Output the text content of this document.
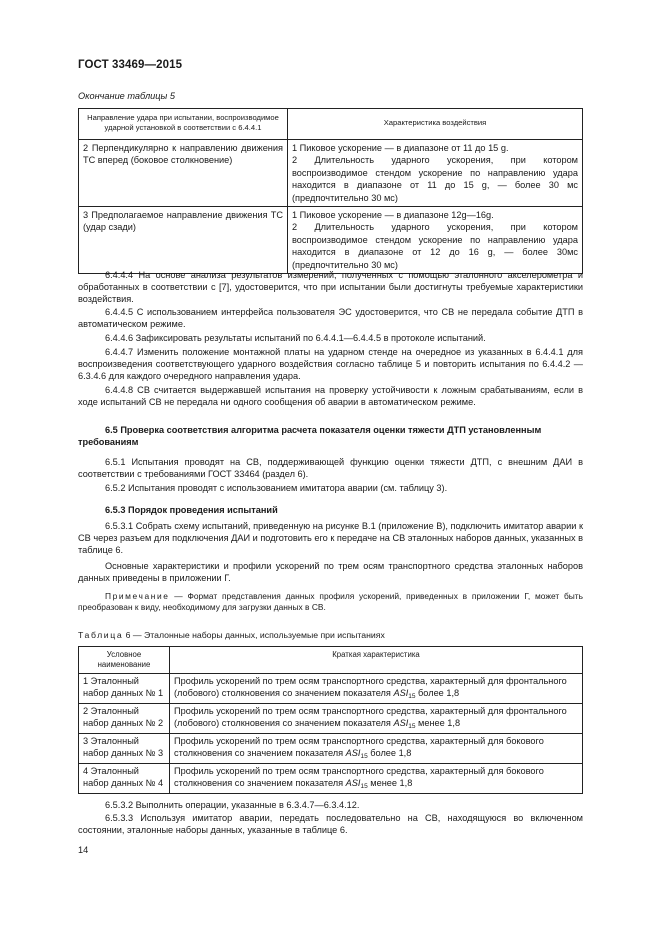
ГОСТ 33469—2015
Окончание таблицы 5
Направление удара при испытании, воспроизводимое ударной установкой в соответствии с 6.4.4.1	Характеристика воздействия

2 Перпендикулярно к направлению движения ТС вперед (боковое столкновение)	1 Пиковое ускорение — в диапазоне от 11 до 15 g.

2 Длительность ударного ускорения, при котором воспроизводимое стендом ускорение по направлению удара находится в диапазоне от 11 до 15 g, — более 30 мс (предпочтительно 30 мс)

3 Предполагаемое направление движения ТС (удар сзади)	1 Пиковое ускорение — в диапазоне 12g—16g.

2 Длительность ударного ускорения, при котором воспроизводимое стендом ускорение по направлению удара находится в диапазоне от 12 до 16 g, — более 30мс (предпочтительно 30 мс)

6.4.4.4 На основе анализа результатов измерений, полученных с помощью эталонного акселерометра и обработанных в соответствии с [7], удостоверится, что при испытании были достигнуты требуемые характеристики воздействия.
6.4.4.5 С использованием интерфейса пользователя ЭС удостоверится, что СВ не передала событие ДТП в автоматическом режиме.
6.4.4.6 Зафиксировать результаты испытаний по 6.4.4.1—6.4.4.5 в протоколе испытаний.
6.4.4.7 Изменить положение монтажной платы на ударном стенде на очередное из указанных в 6.4.4.1 для воспроизведения соответствующего ударного воздействия согласно таблице 5 и повторить испытания по 6.4.4.2 — 6.3.4.6 для каждого очередного направления удара.
6.4.4.8 СВ считается выдержавшей испытания на проверку устойчивости к ложным срабатываниям, если в ходе испытаний СВ не передала ни одного сообщения об аварии в автоматическом режиме.
6.5 Проверка соответствия алгоритма расчета показателя оценки тяжести ДТП установленным требованиям
6.5.1 Испытания проводят на СВ, поддерживающей функцию оценки тяжести ДТП, с внешним ДАИ в соответствии с требованиями ГОСТ 33464 (раздел 6).
6.5.2 Испытания проводят с использованием имитатора аварии (см. таблицу 3).
6.5.3 Порядок проведения испытаний
6.5.3.1 Собрать схему испытаний, приведенную на рисунке В.1 (приложение В), подключить имитатор аварии к СВ через разъем для подключения ДАИ и подготовить его к передаче на СВ эталонных наборов данных, указанных в таблице 6.
Основные характеристики и профили ускорений по трем осям транспортного средства эталонных наборов данных приведены в приложении Г.
Примечание — Формат представления данных профиля ускорений, приведенных в приложении Г, может быть преобразован к виду, необходимому для загрузки данных в СВ.
Таблица 6 — Эталонные наборы данных, используемые при испытаниях
Условное наименование	Краткая характеристика
1 Эталонный набор данных № 1	Профиль ускорений по трем осям транспортного средства, характерный для фронтального (лобового) столкновения со значением показателя $ASI_{15}$ более 1,8
2 Эталонный набор данных № 2	Профиль ускорений по трем осям транспортного средства, характерный для фронтального (лобового) столкновения со значением показателя $ASI_{15}$ менее 1,8
3 Эталонный набор данных № 3	Профиль ускорений по трем осям транспортного средства, характерный для бокового столкновения со значением показателя $ASI_{15}$ более 1,8
4 Эталонный набор данных № 4	Профиль ускорений по трем осям транспортного средства, характерный для бокового столкновения со значением показателя $ASI_{15}$ менее 1,8
6.5.3.2 Выполнить операции, указанные в 6.3.4.7—6.3.4.12.
6.5.3.3 Используя имитатор аварии, передать последовательно на СВ, находящуюся во включенном состоянии, эталонные наборы данных, указанные в таблице 6.
14
